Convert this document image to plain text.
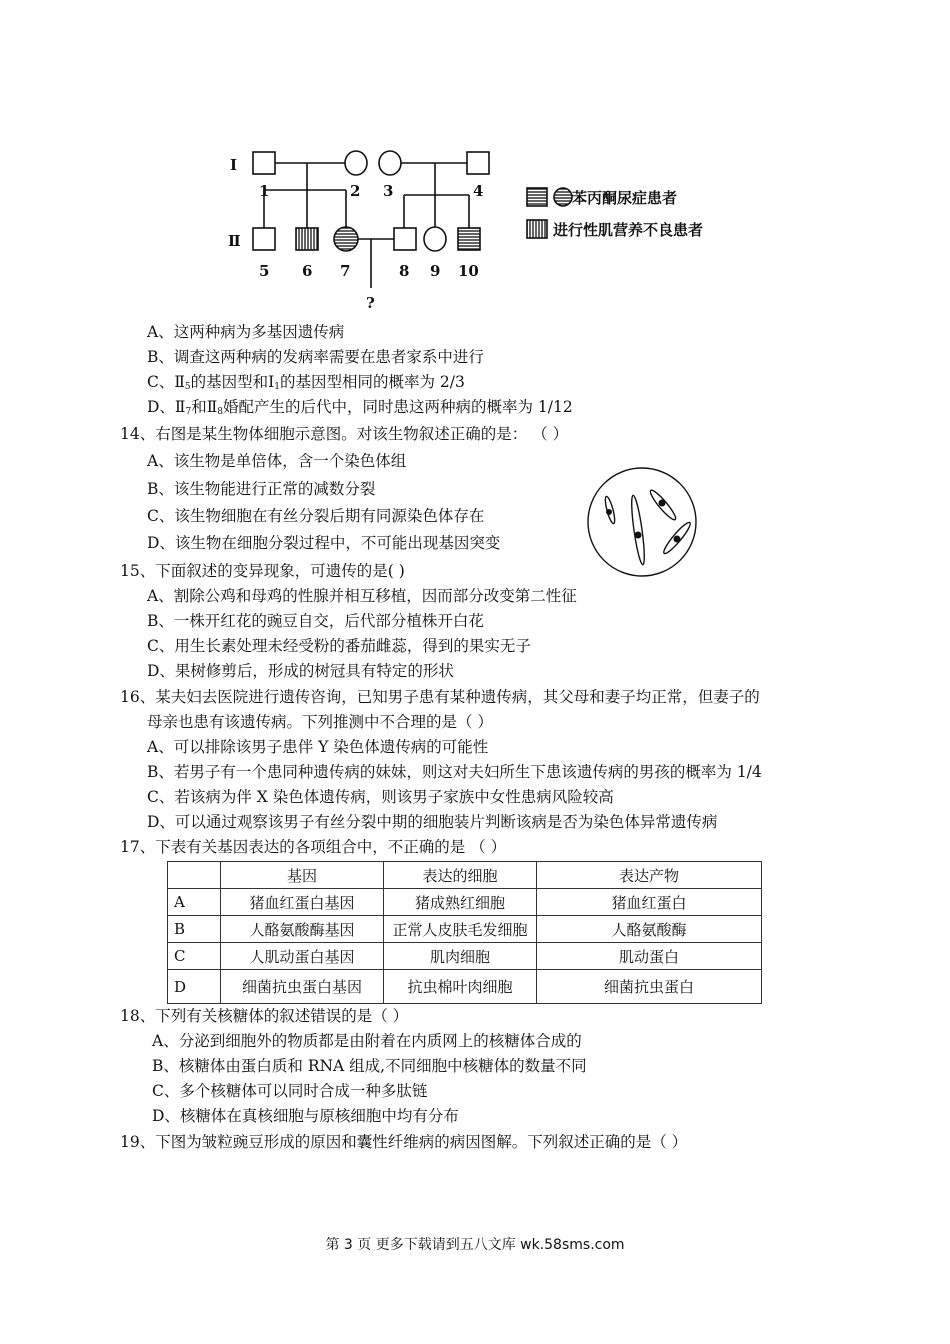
Ⅰ
Ⅱ
1	2 3	4
5 6 7	8 9 10
?
苯丙酮尿症患者
进行性肌营养不良患者
A、这两种病为多基因遗传病
B、调查这两种病的发病率需要在患者家系中进行
C、$Ⅱ_5$的基因型和$Ⅰ_1$的基因型相同的概率为 2/3
D、$Ⅱ_7$和$Ⅱ_8$婚配产生的后代中，同时患这两种病的概率为 1/12
14、右图是某生物体细胞示意图。对该生物叙述正确的是： （ ）
A、该生物是单倍体，含一个染色体组
B、该生物能进行正常的减数分裂
C、该生物细胞在有丝分裂后期有同源染色体存在
D、该生物在细胞分裂过程中，不可能出现基因突变
15、下面叙述的变异现象，可遗传的是( )
A、割除公鸡和母鸡的性腺并相互移植，因而部分改变第二性征
B、一株开红花的豌豆自交，后代部分植株开白花
C、用生长素处理未经受粉的番茄雌蕊，得到的果实无子
D、果树修剪后，形成的树冠具有特定的形状
16、某夫妇去医院进行遗传咨询，已知男子患有某种遗传病，其父母和妻子均正常，但妻子的
母亲也患有该遗传病。下列推测中不合理的是（ ）
A、可以排除该男子患伴 Y 染色体遗传病的可能性
B、若男子有一个患同种遗传病的妹妹，则这对夫妇所生下患该遗传病的男孩的概率为 1/4
C、若该病为伴 X 染色体遗传病，则该男子家族中女性患病风险较高
D、可以通过观察该男子有丝分裂中期的细胞装片判断该病是否为染色体异常遗传病
17、下表有关基因表达的各项组合中，不正确的是 （ ）
	基因	表达的细胞	表达产物
A	猪血红蛋白基因	猪成熟红细胞	猪血红蛋白
B	人酪氨酸酶基因	正常人皮肤毛发细胞	人酪氨酸酶
C	人肌动蛋白基因	肌肉细胞	肌动蛋白
D	细菌抗虫蛋白基因	抗虫棉叶肉细胞	细菌抗虫蛋白
18、下列有关核糖体的叙述错误的是（ ）
A、分泌到细胞外的物质都是由附着在内质网上的核糖体合成的
B、核糖体由蛋白质和 RNA 组成,不同细胞中核糖体的数量不同
C、多个核糖体可以同时合成一种多肽链
D、核糖体在真核细胞与原核细胞中均有分布
19、下图为皱粒豌豆形成的原因和囊性纤维病的病因图解。下列叙述正确的是（ ）
第 3 页 更多下载请到五八文库 wk.58sms.com
